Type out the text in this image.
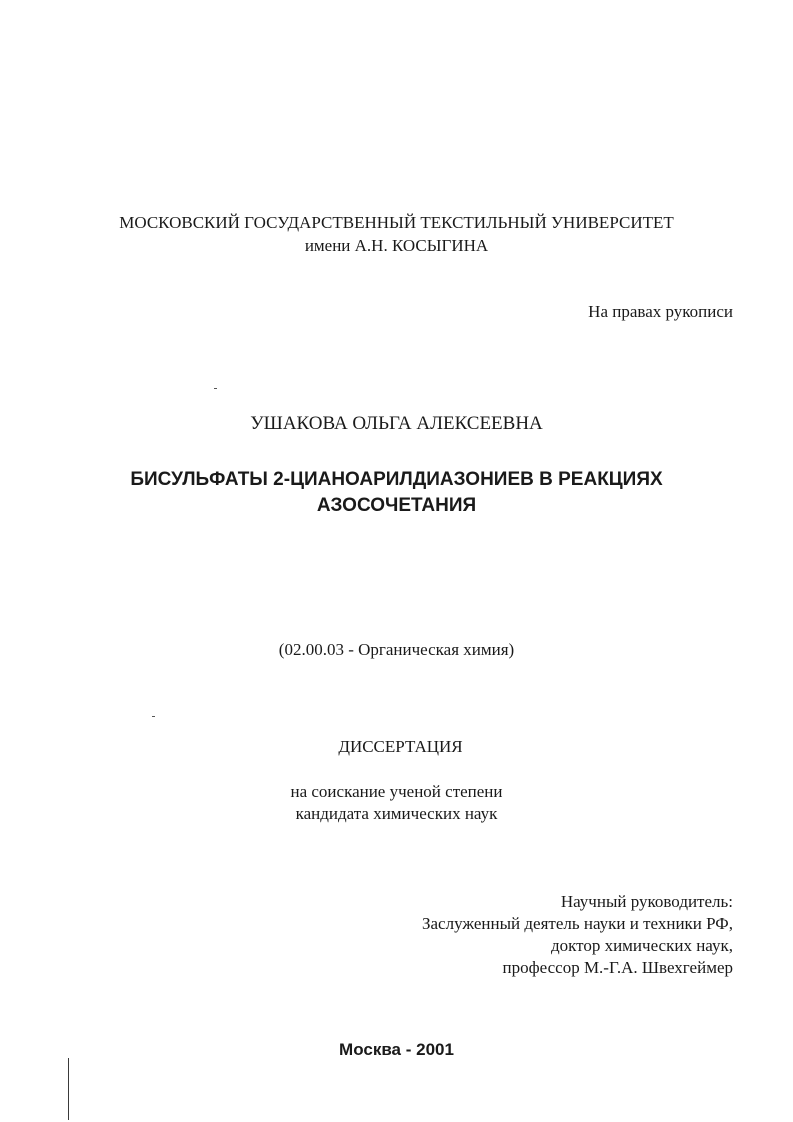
МОСКОВСКИЙ ГОСУДАРСТВЕННЫЙ ТЕКСТИЛЬНЫЙ УНИВЕРСИТЕТ
имени А.Н. КОСЫГИНА
На правах рукописи
УШАКОВА ОЛЬГА АЛЕКСЕЕВНА
БИСУЛЬФАТЫ 2-ЦИАНОАРИЛДИАЗОНИЕВ В РЕАКЦИЯХ
АЗОСОЧЕТАНИЯ
(02.00.03 - Органическая химия)
ДИССЕРТАЦИЯ
на соискание ученой степени
кандидата химических наук
Научный руководитель:
Заслуженный деятель науки и техники РФ,
доктор химических наук,
профессор М.-Г.А. Швехгеймер
Москва - 2001
